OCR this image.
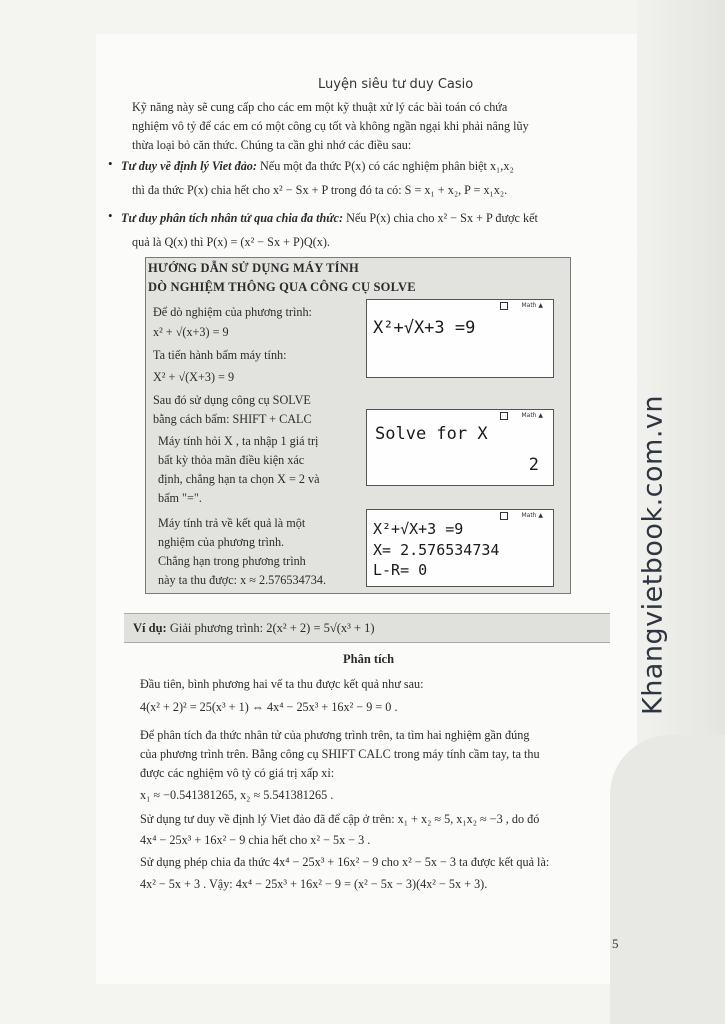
Khangvietbook.com.vn
Luyện siêu tư duy Casio
Kỹ năng này sẽ cung cấp cho các em một kỹ thuật xử lý các bài toán có chứa
nghiệm vô tỷ để các em có một công cụ tốt và không ngần ngại khi phải nâng lũy
thừa loại bỏ căn thức. Chúng ta cần ghi nhớ các điều sau:
• Tư duy về định lý Viet đảo: Nếu một đa thức P(x) có các nghiệm phân biệt x₁,x₂
thì đa thức P(x) chia hết cho x² − Sx + P trong đó ta có: S = x₁ + x₂, P = x₁x₂.
• Tư duy phân tích nhân tử qua chia đa thức: Nếu P(x) chia cho x² − Sx + P được kết
quả là Q(x) thì P(x) = (x² − Sx + P)Q(x).
HƯỚNG DẪN SỬ DỤNG MÁY TÍNH
DÒ NGHIỆM THÔNG QUA CÔNG CỤ SOLVE
Để dò nghiệm của phương trình:
x² + √(x+3) = 9
Ta tiến hành bấm máy tính:
X² + √(X+3) = 9
Sau đó sử dụng công cụ SOLVE
bằng cách bấm: SHIFT + CALC
Máy tính hỏi X , ta nhập 1 giá trị
bất kỳ thỏa mãn điều kiện xác
định, chẳng hạn ta chọn X = 2 và
bấm "=".
Máy tính trả về kết quả là một
nghiệm của phương trình.
Chẳng hạn trong phương trình
này ta thu được: x ≈ 2.576534734.
Math ▲
X²+√X+3 =9
Math ▲
Solve for X
2
Math ▲
X²+√X+3 =9
X= 2.576534734
L-R= 0
Ví dụ: Giải phương trình: 2(x² + 2) = 5√(x³ + 1)
Phân tích
Đầu tiên, bình phương hai vế ta thu được kết quả như sau:
4(x² + 2)² = 25(x³ + 1) ⇔ 4x⁴ − 25x³ + 16x² − 9 = 0 .
Để phân tích đa thức nhân tử của phương trình trên, ta tìm hai nghiệm gần đúng
của phương trình trên. Bằng công cụ SHIFT CALC trong máy tính cầm tay, ta thu
được các nghiệm vô tỷ có giá trị xấp xỉ:
x₁ ≈ −0.541381265, x₂ ≈ 5.541381265 .
Sử dụng tư duy về định lý Viet đảo đã để cập ở trên: x₁ + x₂ ≈ 5, x₁x₂ ≈ −3 , do đó
4x⁴ − 25x³ + 16x² − 9 chia hết cho x² − 5x − 3 .
Sử dụng phép chia đa thức 4x⁴ − 25x³ + 16x² − 9 cho x² − 5x − 3 ta được kết quả là:
4x² − 5x + 3 . Vậy: 4x⁴ − 25x³ + 16x² − 9 = (x² − 5x − 3)(4x² − 5x + 3).
5
